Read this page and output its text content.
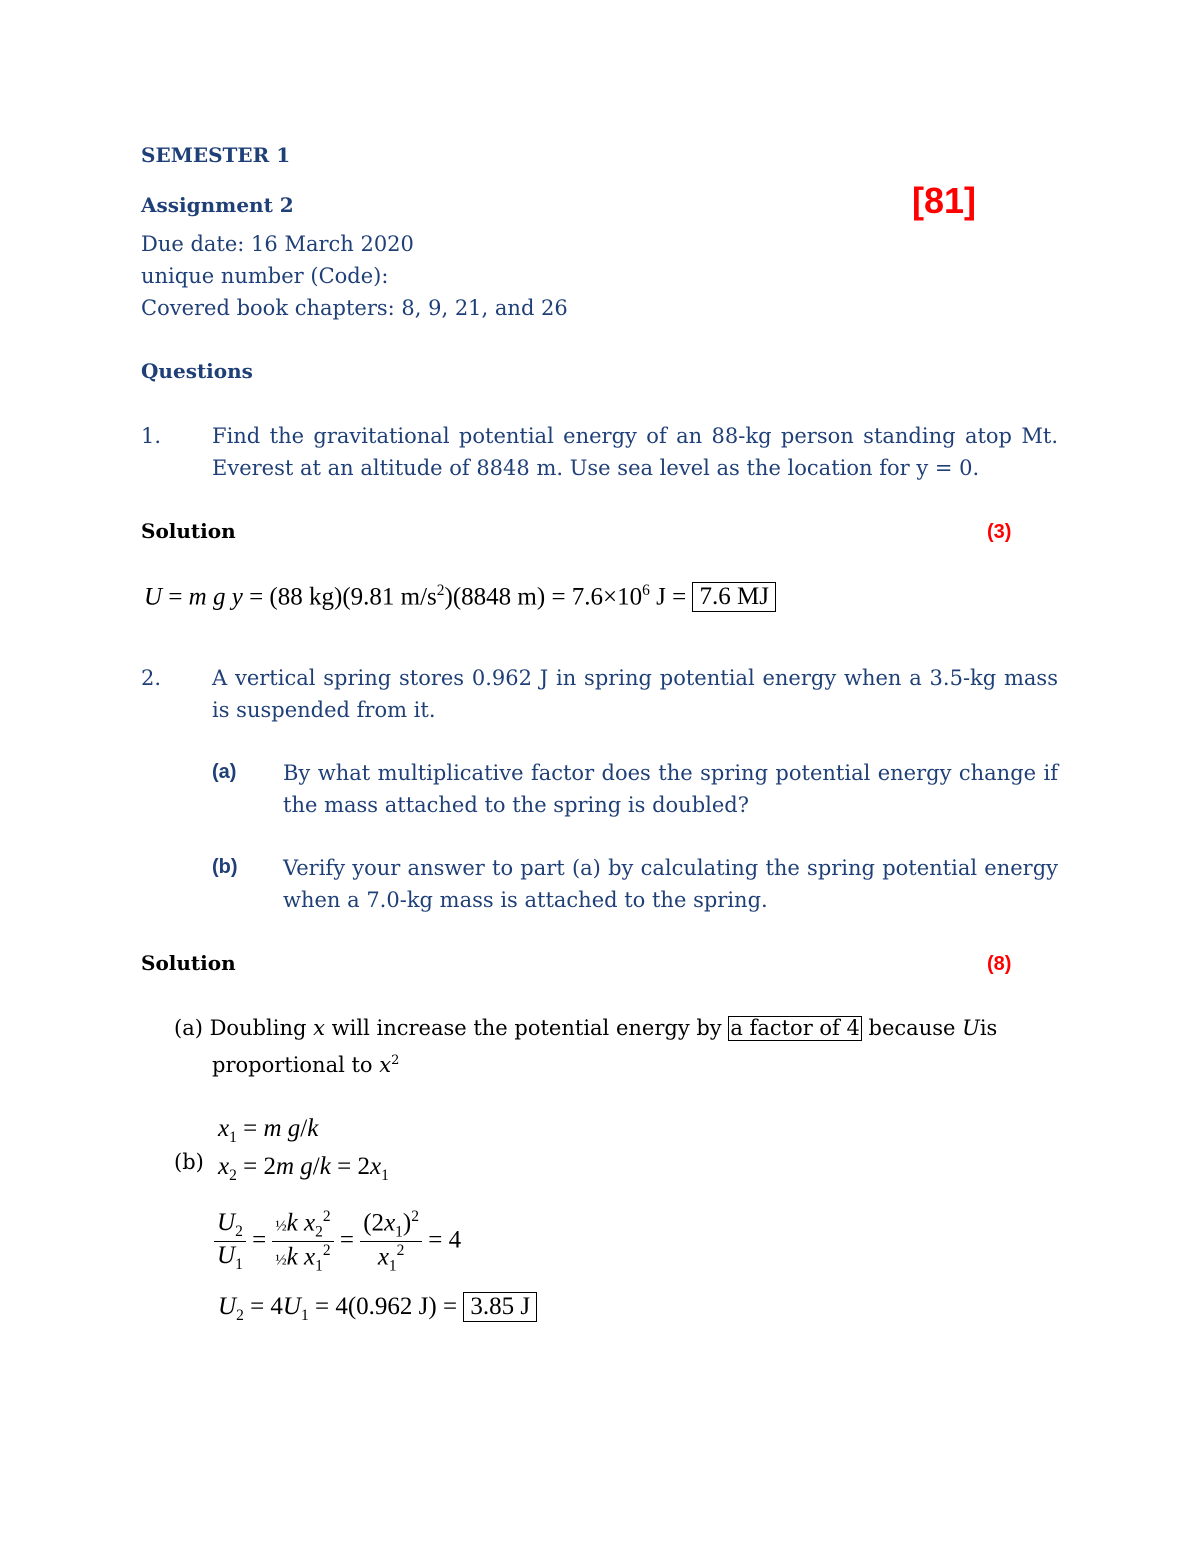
SEMESTER 1
Assignment 2	[81]
Due date: 16 March 2020
unique number (Code):
Covered book chapters: 8, 9, 21, and 26
Questions
1. Find the gravitational potential energy of an 88-kg person standing atop Mt. Everest at an altitude of 8848 m. Use sea level as the location for y = 0.
Solution	(3)
U = m g y = (88 kg)(9.81 $m/s^2)(8848$ $m) = 7.6\times 10^6$ J = 7.6 MJ
2. A vertical spring stores 0.962 J in spring potential energy when a 3.5-kg mass is suspended from it.
(a) By what multiplicative factor does the spring potential energy change if the mass attached to the spring is doubled?
(b) Verify your answer to part (a) by calculating the spring potential energy when a 7.0-kg mass is attached to the spring.
Solution	(8)
(a) Doubling x will increase the potential energy by a factor of 4 because Uis
proportional to $x^2$
(b)
$x_1 = m$ g/k
$x_2 = 2m$ $g/k = 2x_1$
$\frac{U_2}{U_1} = \frac{\frac{1}{2}k x_2^2}{\frac{1}{2}k x_1^2} = \frac{(2x_1)^2}{x_1^2} = 4$
$U_2 = 4U_1 = 4(0.962$ J) = 3.85 J
